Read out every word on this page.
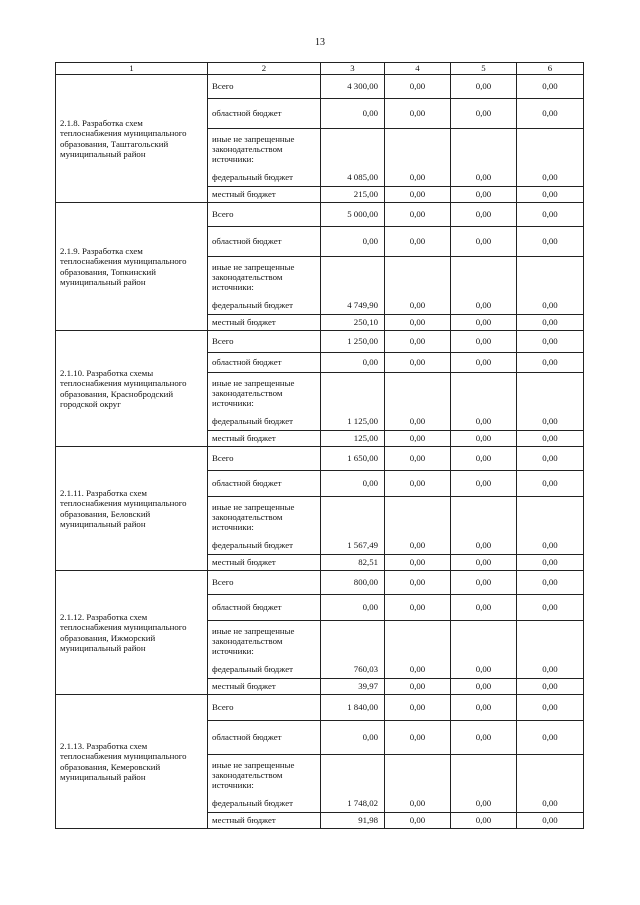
13
1	2	3	4	5	6
2.1.8. Разработка схем теплоснабжения муниципального образования, Таштагольский муниципальный район	Всего	4 300,00	0,00	0,00	0,00
	областной бюджет	0,00	0,00	0,00	0,00
	иные не запрещенные законодательством источники:				
	федеральный бюджет	4 085,00	0,00	0,00	0,00
	местный бюджет	215,00	0,00	0,00	0,00
2.1.9. Разработка схем теплоснабжения муниципального образования, Топкинский муниципальный район	Всего	5 000,00	0,00	0,00	0,00
	областной бюджет	0,00	0,00	0,00	0,00
	иные не запрещенные законодательством источники:				
	федеральный бюджет	4 749,90	0,00	0,00	0,00
	местный бюджет	250,10	0,00	0,00	0,00
2.1.10. Разработка схемы теплоснабжения муниципального образования, Краснобродский городской округ	Всего	1 250,00	0,00	0,00	0,00
	областной бюджет	0,00	0,00	0,00	0,00
	иные не запрещенные законодательством источники:				
	федеральный бюджет	1 125,00	0,00	0,00	0,00
	местный бюджет	125,00	0,00	0,00	0,00
2.1.11. Разработка схем теплоснабжения муниципального образования, Беловский муниципальный район	Всего	1 650,00	0,00	0,00	0,00
	областной бюджет	0,00	0,00	0,00	0,00
	иные не запрещенные законодательством источники:				
	федеральный бюджет	1 567,49	0,00	0,00	0,00
	местный бюджет	82,51	0,00	0,00	0,00
2.1.12. Разработка схем теплоснабжения муниципального образования, Ижморский муниципальный район	Всего	800,00	0,00	0,00	0,00
	областной бюджет	0,00	0,00	0,00	0,00
	иные не запрещенные законодательством источники:				
	федеральный бюджет	760,03	0,00	0,00	0,00
	местный бюджет	39,97	0,00	0,00	0,00
2.1.13. Разработка схем теплоснабжения муниципального образования, Кемеровский муниципальный район	Всего	1 840,00	0,00	0,00	0,00
	областной бюджет	0,00	0,00	0,00	0,00
	иные не запрещенные законодательством источники:				
	федеральный бюджет	1 748,02	0,00	0,00	0,00
	местный бюджет	91,98	0,00	0,00	0,00
